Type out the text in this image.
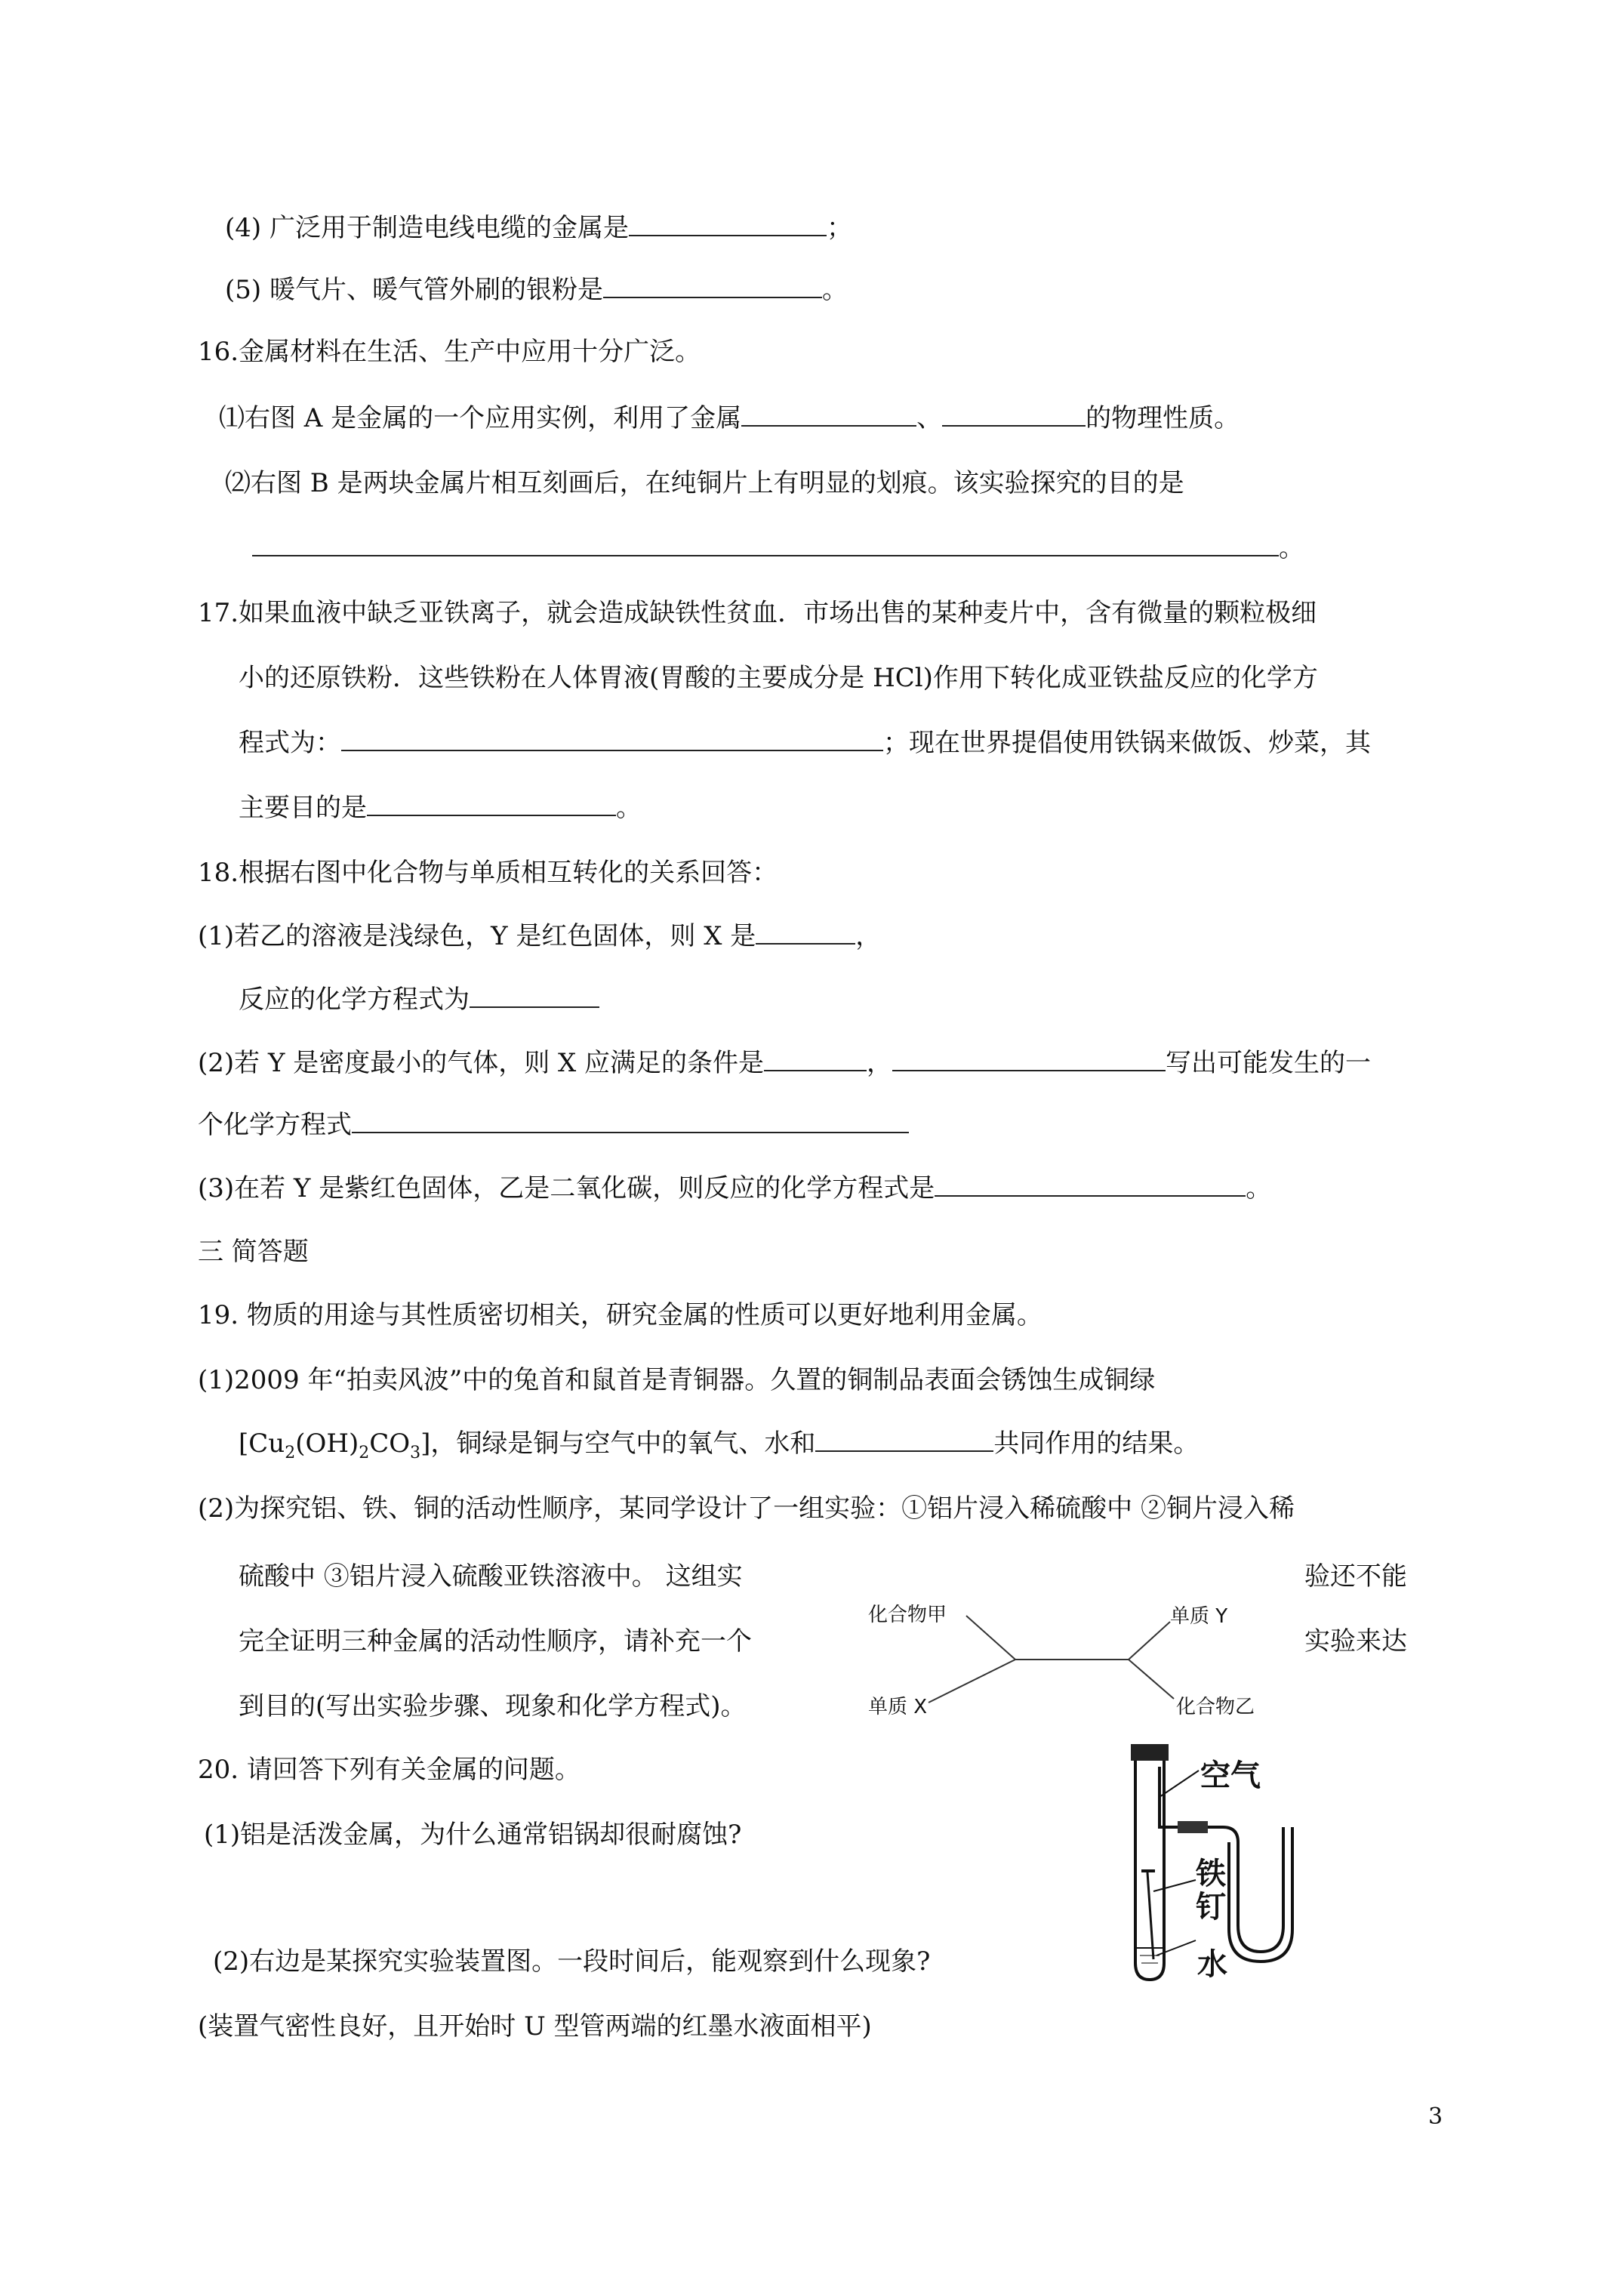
(4) 广泛用于制造电线电缆的金属是	；
(5) 暖气片、暖气管外刷的银粉是	。
16.金属材料在生活、生产中应用十分广泛。
⑴右图 A 是金属的一个应用实例，利用了金属	、	的物理性质。
⑵右图 B 是两块金属片相互刻画后，在纯铜片上有明显的划痕。该实验探究的目的是
。
17.如果血液中缺乏亚铁离子，就会造成缺铁性贫血．市场出售的某种麦片中，含有微量的颗粒极细
小的还原铁粉．这些铁粉在人体胃液(胃酸的主要成分是 HCl)作用下转化成亚铁盐反应的化学方
程式为：	；现在世界提倡使用铁锅来做饭、炒菜，其
主要目的是	。
18.根据右图中化合物与单质相互转化的关系回答：
(1)若乙的溶液是浅绿色，Y 是红色固体，则 X 是	，
反应的化学方程式为
(2)若 Y 是密度最小的气体，则 X 应满足的条件是	，	写出可能发生的一
个化学方程式
(3)在若 Y 是紫红色固体，乙是二氧化碳，则反应的化学方程式是	。
三 简答题
19. 物质的用途与其性质密切相关，研究金属的性质可以更好地利用金属。
(1)2009 年“拍卖风波”中的兔首和鼠首是青铜器。久置的铜制品表面会锈蚀生成铜绿
$[Cu_2(OH)_2CO_3]$，铜绿是铜与空气中的氧气、水和	共同作用的结果。
(2)为探究铝、铁、铜的活动性顺序，某同学设计了一组实验：①铝片浸入稀硫酸中 ②铜片浸入稀
硫酸中 ③铝片浸入硫酸亚铁溶液中。 这组实	验还不能
完全证明三种金属的活动性顺序，请补充一个	实验来达
到目的(写出实验步骤、现象和化学方程式)。
化合物甲	单质 Y
单质 X	化合物乙
20. 请回答下列有关金属的问题。
(1)铝是活泼金属，为什么通常铝锅却很耐腐蚀?
(2)右边是某探究实验装置图。一段时间后，能观察到什么现象?
(装置气密性良好，且开始时 U 型管两端的红墨水液面相平)
空气
铁钉
水
3
